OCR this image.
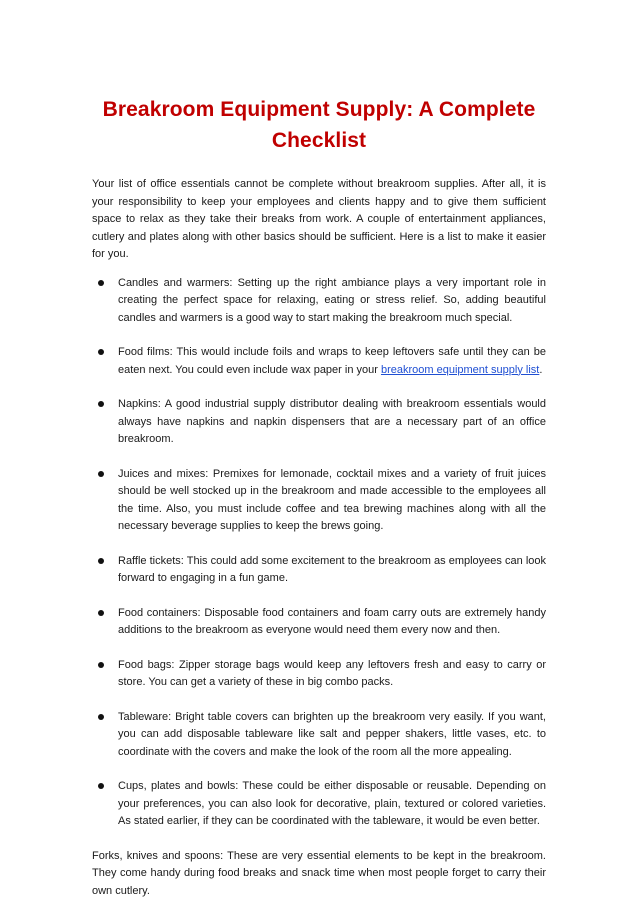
Breakroom Equipment Supply: A Complete Checklist

Your list of office essentials cannot be complete without breakroom supplies. After all, it is your responsibility to keep your employees and clients happy and to give them sufficient space to relax as they take their breaks from work. A couple of entertainment appliances, cutlery and plates along with other basics should be sufficient. Here is a list to make it easier for you.

Candles and warmers: Setting up the right ambiance plays a very important role in creating the perfect space for relaxing, eating or stress relief. So, adding beautiful candles and warmers is a good way to start making the breakroom much special.
Food films: This would include foils and wraps to keep leftovers safe until they can be eaten next. You could even include wax paper in your breakroom equipment supply list.
Napkins: A good industrial supply distributor dealing with breakroom essentials would always have napkins and napkin dispensers that are a necessary part of an office breakroom.
Juices and mixes: Premixes for lemonade, cocktail mixes and a variety of fruit juices should be well stocked up in the breakroom and made accessible to the employees all the time. Also, you must include coffee and tea brewing machines along with all the necessary beverage supplies to keep the brews going.
Raffle tickets: This could add some excitement to the breakroom as employees can look forward to engaging in a fun game.
Food containers: Disposable food containers and foam carry outs are extremely handy additions to the breakroom as everyone would need them every now and then.
Food bags: Zipper storage bags would keep any leftovers fresh and easy to carry or store. You can get a variety of these in big combo packs.
Tableware: Bright table covers can brighten up the breakroom very easily. If you want, you can add disposable tableware like salt and pepper shakers, little vases, etc. to coordinate with the covers and make the look of the room all the more appealing.
Cups, plates and bowls: These could be either disposable or reusable. Depending on your preferences, you can also look for decorative, plain, textured or colored varieties. As stated earlier, if they can be coordinated with the tableware, it would be even better.

Forks, knives and spoons: These are very essential elements to be kept in the breakroom. They come handy during food breaks and snack time when most people forget to carry their own cutlery.
